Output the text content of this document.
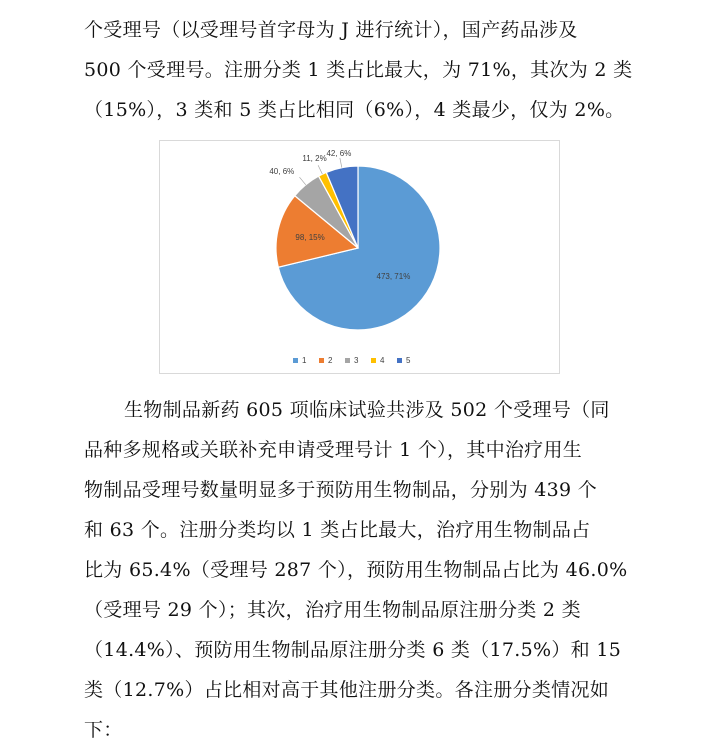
个受理号（以受理号首字母为 J 进行统计），国产药品涉及
500 个受理号。注册分类 1 类占比最大，为 71%，其次为 2 类
（15%），3 类和 5 类占比相同（6%），4 类最少，仅为 2%。
473, 71%
98, 15%
40, 6%
11, 2%
42, 6%
1	2	3	4	5
生物制品新药 605 项临床试验共涉及 502 个受理号（同
品种多规格或关联补充申请受理号计 1 个），其中治疗用生
物制品受理号数量明显多于预防用生物制品，分别为 439 个
和 63 个。注册分类均以 1 类占比最大，治疗用生物制品占
比为 65.4%（受理号 287 个），预防用生物制品占比为 46.0%
（受理号 29 个）；其次，治疗用生物制品原注册分类 2 类
（14.4%）、预防用生物制品原注册分类 6 类（17.5%）和 15
类（12.7%）占比相对高于其他注册分类。各注册分类情况如
下：
